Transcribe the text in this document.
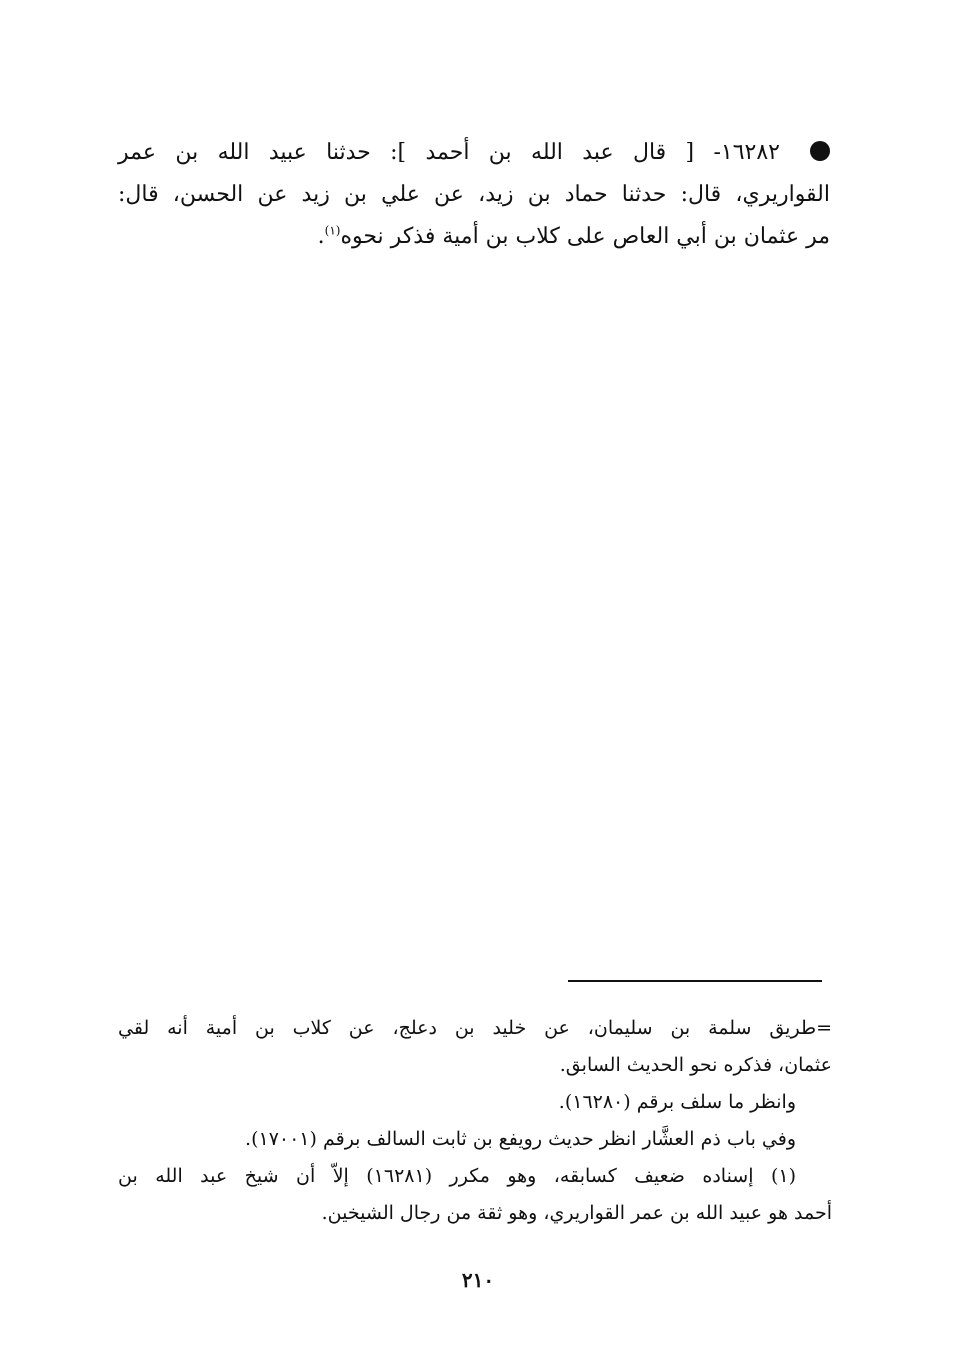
١٦٢٨٢- [ قال عبد الله بن أحمد ]: حدثنا عبيد الله بن عمر
القواريري، قال: حدثنا حماد بن زيد، عن علي بن زيد عن الحسن، قال:
مر عثمان بن أبي العاص على كلاب بن أمية فذكر نحوه$^{(١)}$.
=طريق سلمة بن سليمان، عن خليد بن دعلج، عن كلاب بن أمية أنه لقي
عثمان، فذكره نحو الحديث السابق.
وانظر ما سلف برقم (١٦٢٨٠).
وفي باب ذم العشَّار انظر حديث رويفع بن ثابت السالف برقم (١٧٠٠١).
(١) إسناده ضعيف كسابقه، وهو مكرر (١٦٢٨١) إلاّ أن شيخ عبد الله بن
أحمد هو عبيد الله بن عمر القواريري، وهو ثقة من رجال الشيخين.
٢١٠
